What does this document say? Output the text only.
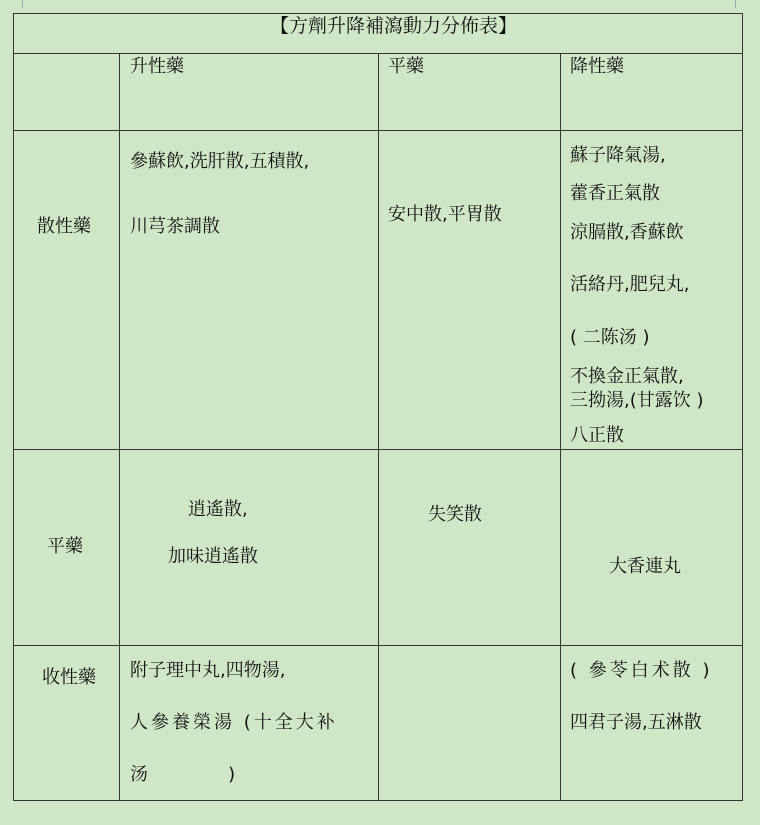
【方劑升降補瀉動力分佈表】
升性藥	平藥	降性藥
散性藥
參蘇飲,洗肝散,五積散,
川芎茶調散
安中散,平胃散
蘇子降氣湯,
藿香正氣散
涼膈散,香蘇飲
活絡丹,肥兒丸,
( 二陈汤 )
不換金正氣散,
三拗湯,(甘露饮 )
八正散
平藥
逍遙散,
加味逍遙散
失笑散
大香連丸
收性藥 附子理中丸,四物湯,
人參養榮湯 (十全大补
汤              )
( 參苓白术散 )
四君子湯,五淋散
